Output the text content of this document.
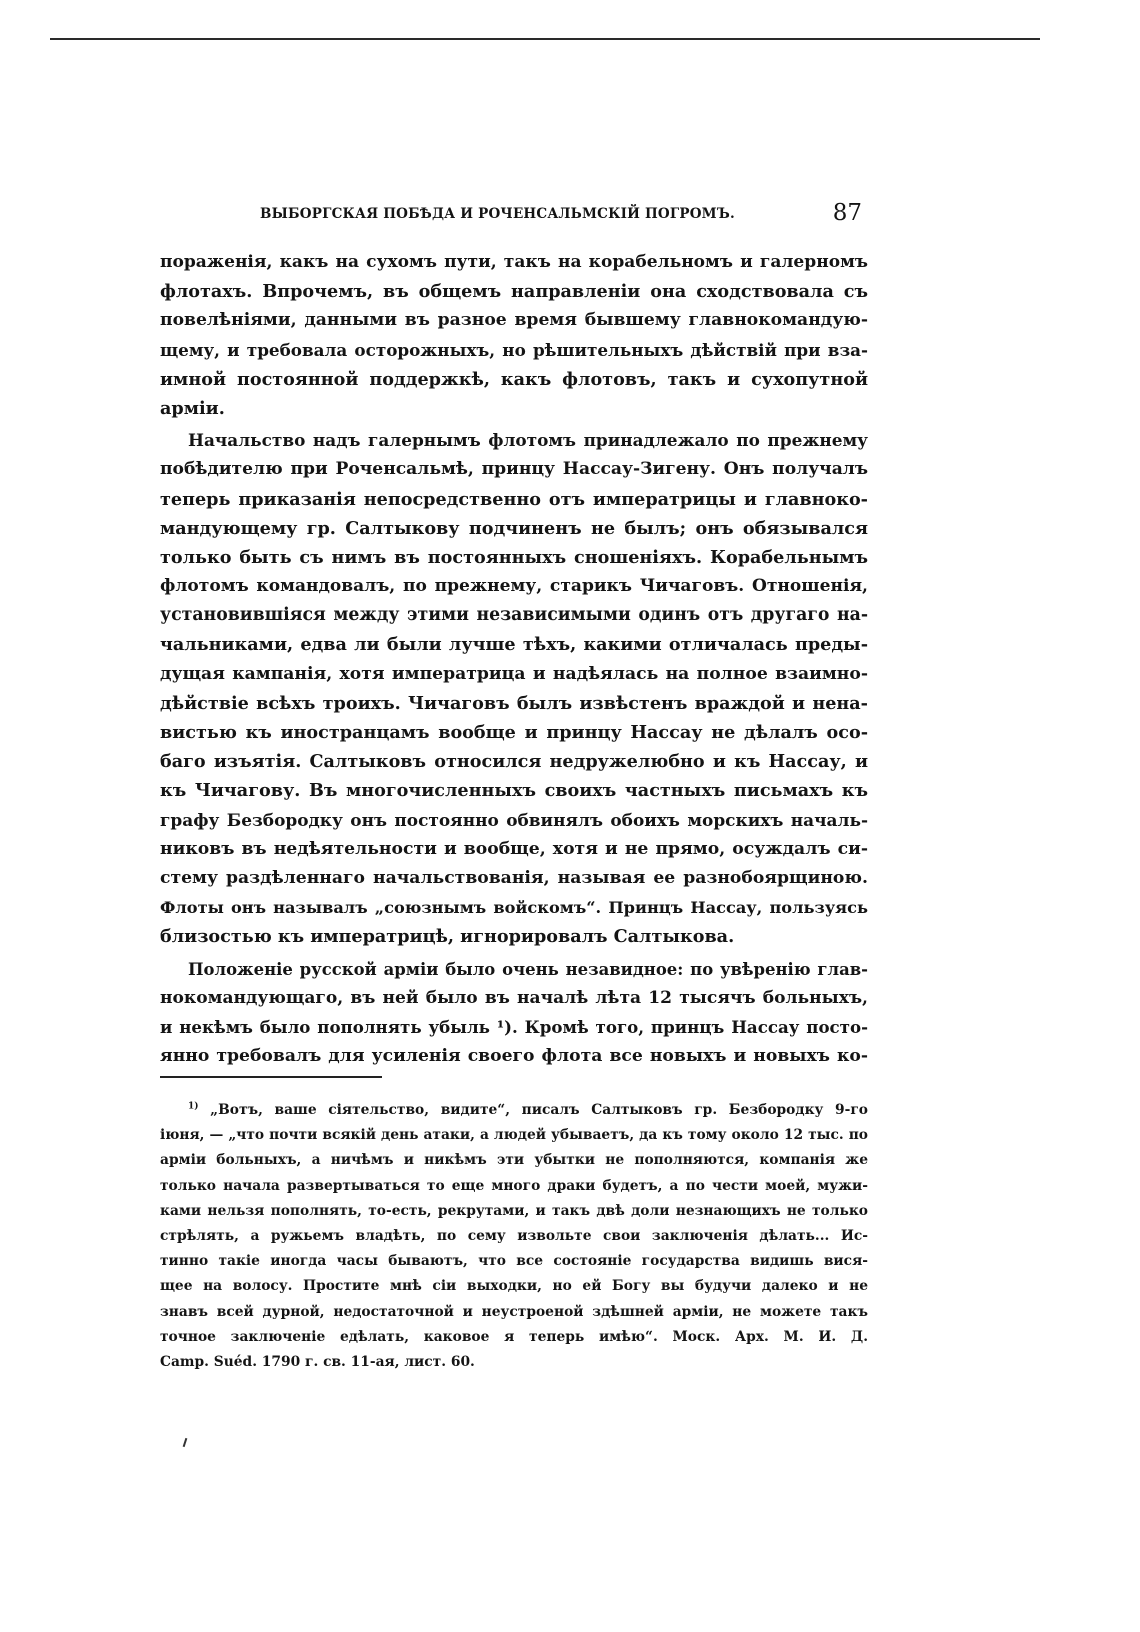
ВЫБОРГСКАЯ ПОБѢДА И РОЧЕНСАЛЬМСКІЙ ПОГРОМЪ.	87
пораженія, какъ на сухомъ пути, такъ на корабельномъ и галерномъ
флотахъ. Впрочемъ, въ общемъ направленіи она сходствовала съ
повелѣніями, данными въ разное время бывшему главнокомандую-
щему, и требовала осторожныхъ, но рѣшительныхъ дѣйствій при вза-
имной постоянной поддержкѣ, какъ флотовъ, такъ и сухопутной
арміи.
Начальство надъ галернымъ флотомъ принадлежало по прежнему
побѣдителю при Роченсальмѣ, принцу Нассау-Зигену. Онъ получалъ
теперь приказанія непосредственно отъ императрицы и главноко-
мандующему гр. Салтыкову подчиненъ не былъ; онъ обязывался
только быть съ нимъ въ постоянныхъ сношеніяхъ. Корабельнымъ
флотомъ командовалъ, по прежнему, старикъ Чичаговъ. Отношенія,
установившіяся между этими независимыми одинъ отъ другаго на-
чальниками, едва ли были лучше тѣхъ, какими отличалась преды-
дущая кампанія, хотя императрица и надѣялась на полное взаимно-
дѣйствіе всѣхъ троихъ. Чичаговъ былъ извѣстенъ враждой и нена-
вистью къ иностранцамъ вообще и принцу Нассау не дѣлалъ осо-
баго изъятія. Салтыковъ относился недружелюбно и къ Нассау, и
къ Чичагову. Въ многочисленныхъ своихъ частныхъ письмахъ къ
графу Безбородку онъ постоянно обвинялъ обоихъ морскихъ началь-
никовъ въ недѣятельности и вообще, хотя и не прямо, осуждалъ си-
стему раздѣленнаго начальствованія, называя ее разнобоярщиною.
Флоты онъ называлъ „союзнымъ войскомъ“. Принцъ Нассау, пользуясь
близостью къ императрицѣ, игнорировалъ Салтыкова.
Положеніе русской арміи было очень незавидное: по увѣренію глав-
нокомандующаго, въ ней было въ началѣ лѣта 12 тысячъ больныхъ,
и некѣмъ было пополнять убыль ¹). Кромѣ того, принцъ Нассау посто-
янно требовалъ для усиленія своего флота все новыхъ и новыхъ ко-
$^{1)}$ „Вотъ, ваше сіятельство, видите“, писалъ Салтыковъ гр. Безбородку 9-го
іюня, — „что почти всякій день атаки, а людей убываетъ, да къ тому около 12 тыс. по
арміи больныхъ, а ничѣмъ и никѣмъ эти убытки не пополняются, компанія же
только начала развертываться то еще много драки будетъ, а по чести моей, мужи-
ками нельзя пополнять, то-есть, рекрутами, и такъ двѣ доли незнающихъ не только
стрѣлять, а ружьемъ владѣть, по сему извольте свои заключенія дѣлать... Ис-
тинно такіе иногда часы бываютъ, что все состояніе государства видишь вися-
щее на волосу. Простите мнѣ сіи выходки, но ей Богу вы будучи далеко и не
знавъ всей дурной, недостаточной и неустроеной здѣшней арміи, не можете такъ
точное заключеніе едѣлать, каковое я теперь имѣю“. Моск. Арх. М. И. Д.
Camp. Suéd. 1790 г. св. 11-ая, лист. 60.
